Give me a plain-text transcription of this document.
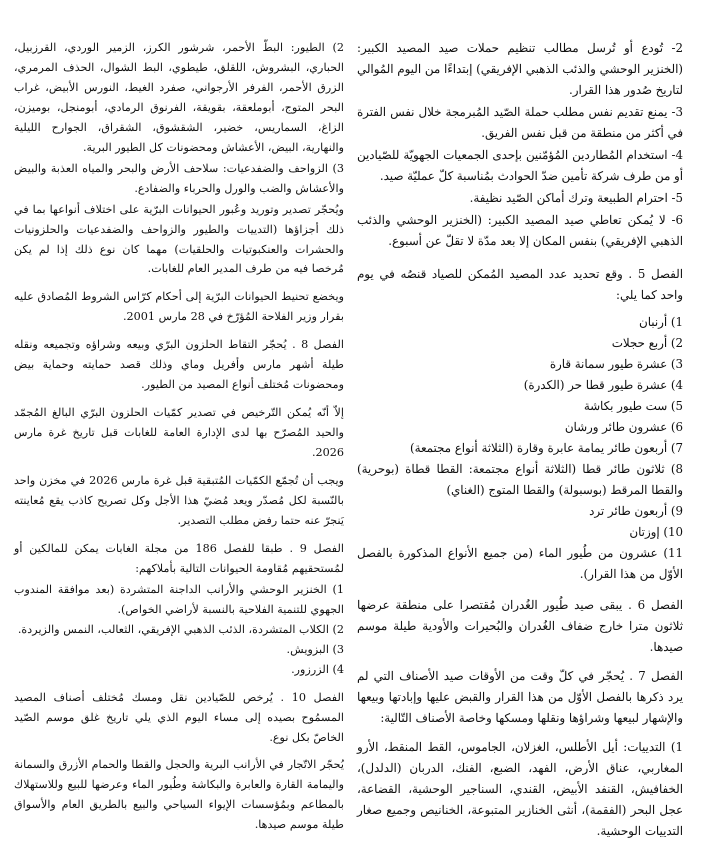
2- تُودع أو تُرسل مطالب تنظيم حملات صيد المصيد الكبير: (الخنزير الوحشي والذئب الذهبي الإفريقي) إبتداءًا من اليوم المُوالي لتاريخ صُدور هذا القرار.

3- يمنع تقديم نفس مطلب حملة الصّيد المُبرمجة خلال نفس الفترة في أكثر من منطقة من قبل نفس الفريق.

4- استخدام المُطاردين المُؤمّنين بإحدى الجمعيات الجهويّة للصّيادين أو من طرف شركة تأمين ضدّ الحوادث بمُناسبة كلّ عمليّة صيد.

5- احترام الطبيعة وترك أماكن الصّيد نظيفة.

6- لا يُمكن تعاطي صيد المصيد الكبير: (الخنزير الوحشي والذئب الذهبي الإفريقي) بنفس المكان إلا بعد مدّة لا تقلّ عن أسبوع.

الفصل 5 . وقع تحديد عدد المصيد المُمكن للصياد قنصُه في يوم واحد كما يلي:

1) أرنبان

2) أربع حجلات

3) عشرة طيور سمانة قارة

4) عشرة طيور قطا حر (الكدرة)

5) ست طيور بكاشة

6) عشرون طائر ورشان

7) أربعون طائر يمامة عابرة وقارة (الثلاثة أنواع مجتمعة)

8) ثلاثون طائر قطا (الثلاثة أنواع مجتمعة: القطا قطاة (بوحرية) والقطا المرقط (بوسبولة) والقطا المتوج (الغناي)

9) أربعون طائر ترد

10) إوزتان

11) عشرون من طُيور الماء (من جميع الأنواع المذكورة بالفصل الأوّل من هذا القرار).

الفصل 6 . يبقى صيد طُيور الغُدران مُقتصرا على منطقة عرضها ثلاثون مترا خارج ضفاف الغُدران والبُحيرات والأودية طيلة موسم صيدها.

الفصل 7 . يُحجّر في كلّ وقت من الأوقات صيد الأصناف التي لم يرد ذكرها بالفصل الأوّل من هذا القرار والقبض عليها وإبادتها وبيعها والإشهار لبيعها وشراؤها ونقلها ومسكها وخاصة الأصناف التّالية:

1) التدييات: أيل الأطلس، الغزلان، الجاموس، القط المنقط، الأرو المغاربي، عناق الأرض، الفهد، الضبع، الفنك، الدربان (الدلدل)، الخفافيش، القنفد الأبيض، القندي، السناجير الوحشية، القضاعة، عجل البحر (الفقمة)، أنثى الخنازير المتبوعة، الخنانيص وجميع صغار التدييات الوحشية.

2) الطيور: البطّ الأحمر، شرشور الكرز، الزمير الوردي، القرزبيل، الحباري، البشروش، اللقلق، طيطوي، البط الشوال، الحذف المرمري، الزرق الأحمر، الفرفر الأرجواني، صفرد الغيط، النورس الأبيض، غراب البحر المتوج، أبوملعقة، بقويقة، الفرنوق الرمادي، أبومنجل، بوميزن، الزاغ، السماريس، خضير، الشقشوق، الشقراق، الجوارح الليلية والنهارية، البيض، الأعشاش ومحضونات كل الطيور البرية.

3) الزواحف والضفدعيات: سلاحف الأرض والبحر والمياه العذبة والبيض والأعشاش والضب والورل والحرباء والضفادع.

ويُحجّر تصدير وتوريد وعُبور الحيوانات البرّية على اختلاف أنواعها بما في ذلك أجزاؤها (التدييات والطيور والزواحف والضفدعيات والحلزونيات والحشرات والعنكبوتيات والحلقيات) مهما كان نوع ذلك إذا لم يكن مُرخصا فيه من طرف المدير العام للغابات.

ويخضع تحنيط الحيوانات البرّية إلى أحكام كرّاس الشروط المُصادق عليه بقرار وزير الفلاحة المُؤرّخ في 28 مارس 2001.

الفصل 8 . يُحجّر التقاط الحلزون البرّي وبيعه وشراؤه وتجميعه ونقله طيلة أشهر مارس وأفريل وماي وذلك قصد حمايته وحماية بيض ومحضونات مُختلف أنواع المصيد من الطيور.

إلاّ أنّه يُمكن التّرخيص في تصدير كمّيات الحلزون البرّي البالغ المُجمّد والحيد المُصرّح بها لدى الإدارة العامة للغابات قبل تاريخ غرة مارس 2026.

ويجب أن تُجمّع الكمّيات المُتبقية قبل غرة مارس 2026 في مخزن واحد بالنّسبة لكل مُصدّر ويعد مُضيّ هذا الأجل وكل تصريح كاذب يقع مُعاينته يَنجرّ عنه حتما رفض مطلب التصدير.

الفصل 9 . طبقا للفصل 186 من مجلة الغابات يمكن للمالكين أو لمُستحقيهم مُقاومة الحيوانات التالية بأملاكهم:

1) الخنزير الوحشي والأرانب الداجنة المتشردة (بعد موافقة المندوب الجهوي للتنمية الفلاحية بالنسبة لأراضي الخواص).

2) الكلاب المتشردة، الذئب الذهبي الإفريقي، الثعالب، النمس والزيردة.

3) البزويش.

4) الزرزور.

الفصل 10 . يُرخص للصّيادين نقل ومسك مُختلف أصناف المصيد المسمُوح بصيده إلى مساء اليوم الذي يلي تاريخ غلق موسم الصّيد الخاصّ بكل نوع.

يُحجّر الاتّجار في الأرانب البرية والحجل والقطا والحمام الأزرق والسمانة واليمامة القارة والعابرة والبكاشة وطُيور الماء وعرضها للبيع وللاستهلاك بالمطاعم وبمُؤسسات الإيواء السياحي والبيع بالطريق العام والأسواق طيلة موسم صيدها.
